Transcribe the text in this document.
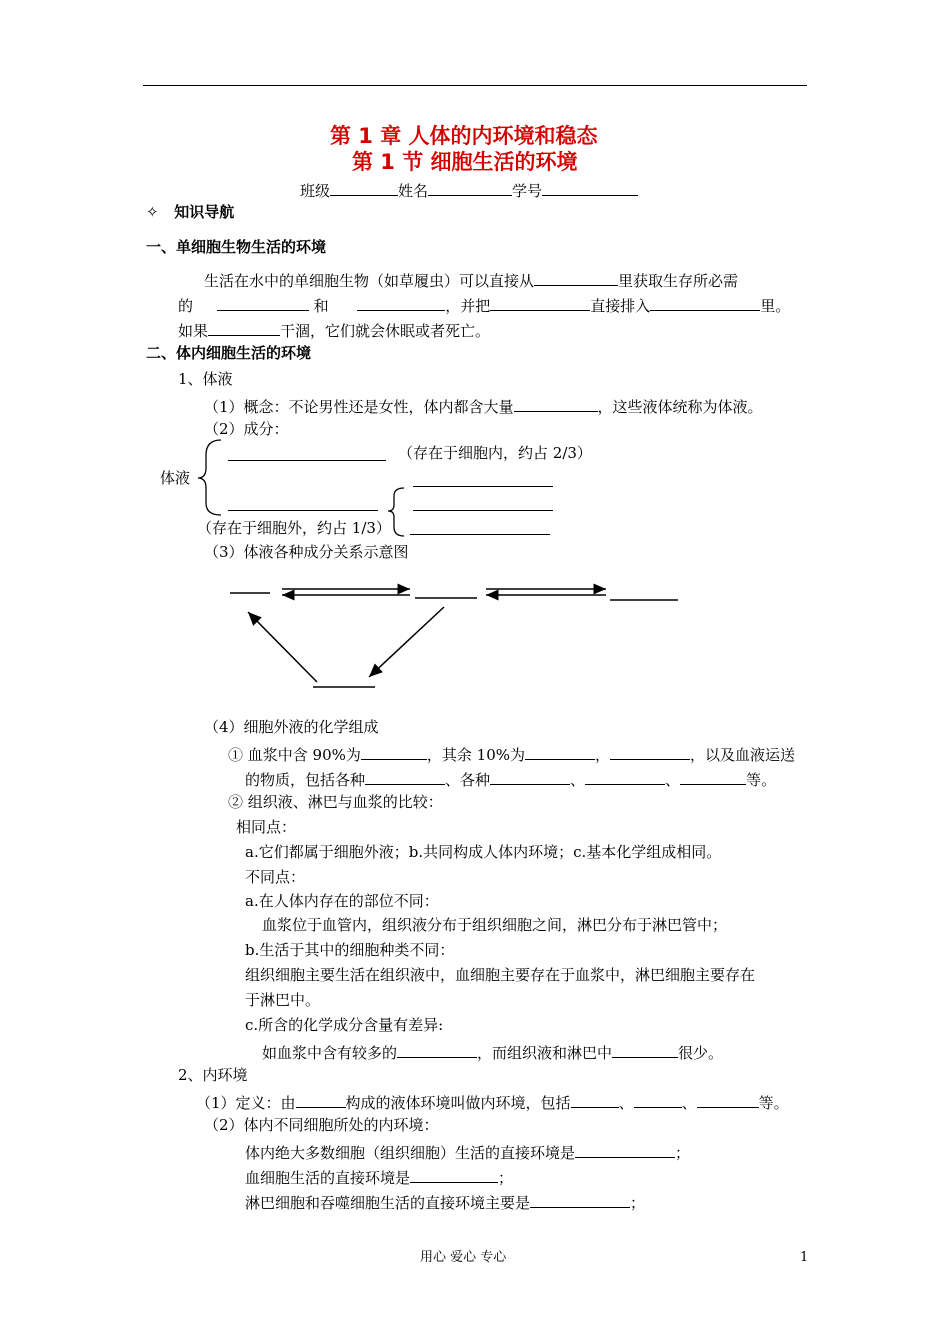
第 1 章 人体的内环境和稳态
第 1 节 细胞生活的环境
班级	姓名	学号
✧ 知识导航
一、单细胞生物生活的环境
生活在水中的单细胞生物（如草履虫）可以直接从	里获取生存所必需
的	和	，并把	直接排入	里。
如果	干涸，它们就会休眠或者死亡。
二、体内细胞生活的环境
1、体液
（1）概念：不论男性还是女性，体内都含大量	，这些液体统称为体液。
（2）成分：
体液
（存在于细胞内，约占 2/3）
（存在于细胞外，约占 1/3）
（3）体液各种成分关系示意图
（4）细胞外液的化学组成
① 血浆中含 90%为	，其余 10%为	，	，以及血液运送
的物质，包括各种	、各种	、	、	等。
② 组织液、淋巴与血浆的比较：
相同点：
a.它们都属于细胞外液；b.共同构成人体内环境；c.基本化学组成相同。
不同点：
a.在人体内存在的部位不同：
血浆位于血管内，组织液分布于组织细胞之间，淋巴分布于淋巴管中；
b.生活于其中的细胞种类不同：
组织细胞主要生活在组织液中，血细胞主要存在于血浆中，淋巴细胞主要存在
于淋巴中。
c.所含的化学成分含量有差异:
如血浆中含有较多的	，而组织液和淋巴中	很少。
2、内环境
（1）定义：由	构成的液体环境叫做内环境，包括	、	、	等。
（2）体内不同细胞所处的内环境：
体内绝大多数细胞（组织细胞）生活的直接环境是	；
血细胞生活的直接环境是	；
淋巴细胞和吞噬细胞生活的直接环境主要是	；
用心 爱心 专心	1
